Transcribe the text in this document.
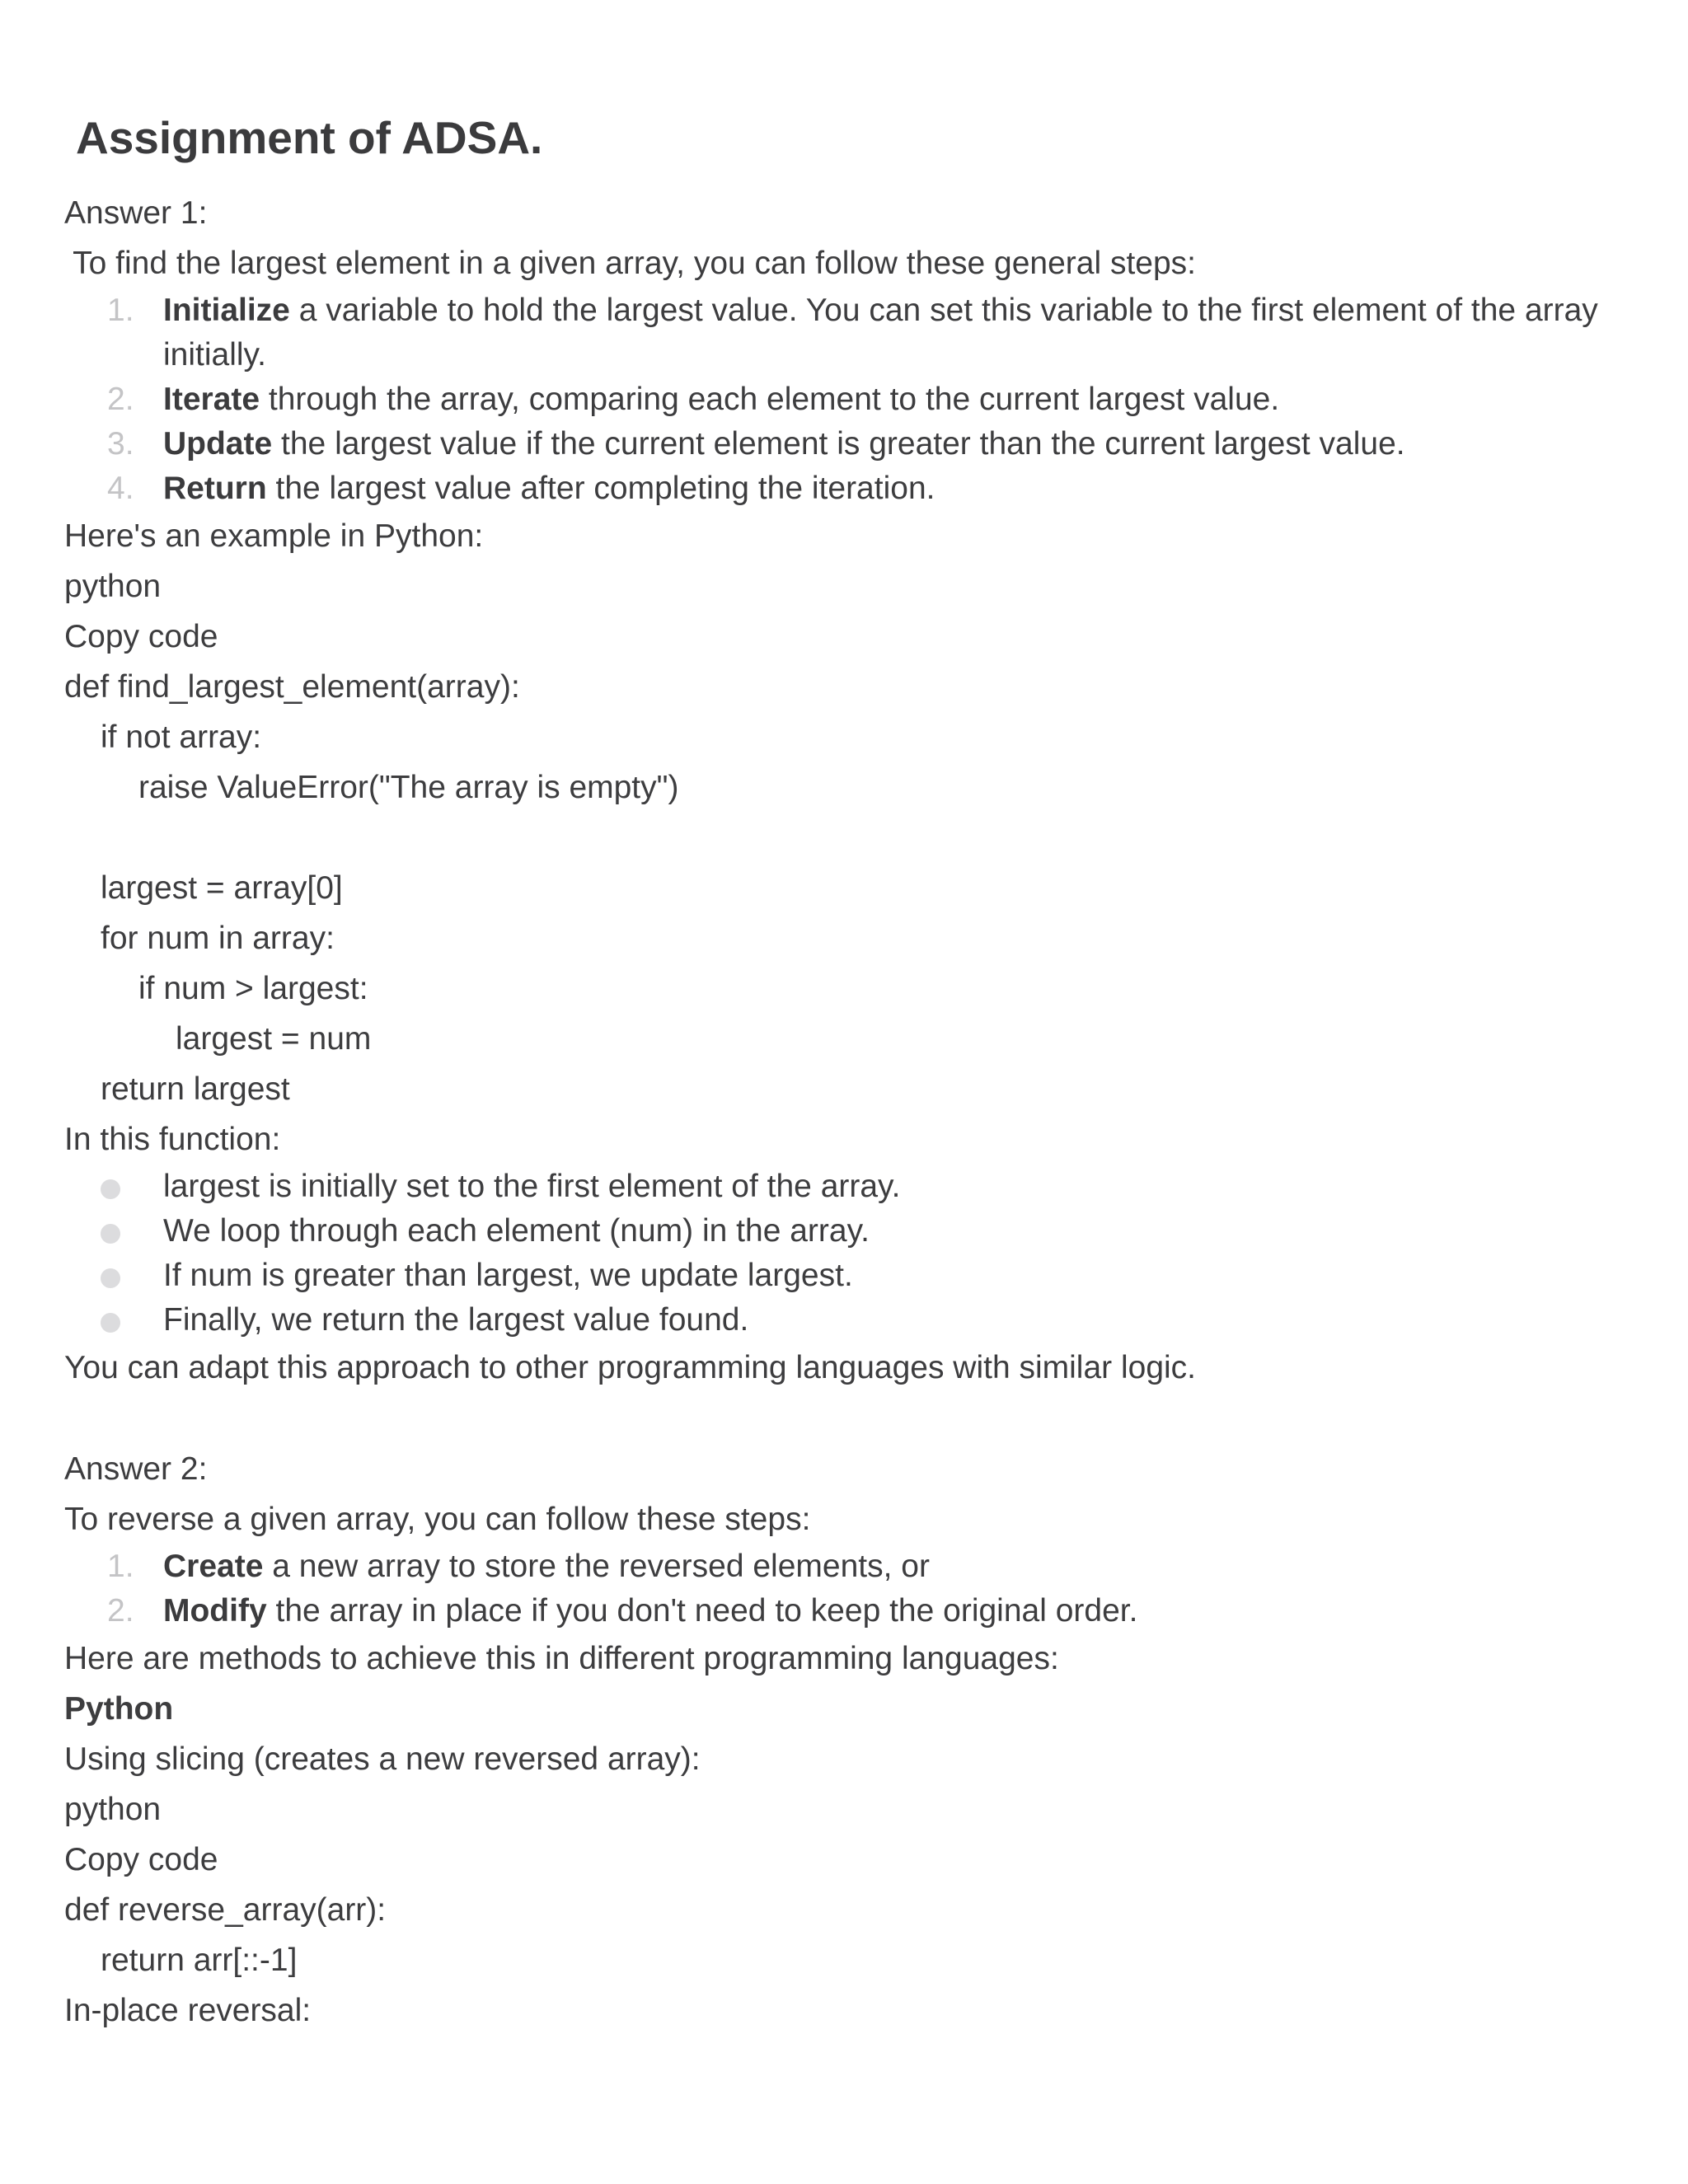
Assignment of ADSA.
Answer 1:
To find the largest element in a given array, you can follow these general steps:
1. Initialize a variable to hold the largest value. You can set this variable to the first element of the array initially.
2. Iterate through the array, comparing each element to the current largest value.
3. Update the largest value if the current element is greater than the current largest value.
4. Return the largest value after completing the iteration.
Here's an example in Python:
python
Copy code
def find_largest_element(array):
if not array:
raise ValueError("The array is empty")
largest = array[0]
for num in array:
if num > largest:
largest = num
return largest
In this function:
largest is initially set to the first element of the array.
We loop through each element (num) in the array.
If num is greater than largest, we update largest.
Finally, we return the largest value found.
You can adapt this approach to other programming languages with similar logic.
Answer 2:
To reverse a given array, you can follow these steps:
1. Create a new array to store the reversed elements, or
2. Modify the array in place if you don't need to keep the original order.
Here are methods to achieve this in different programming languages:
Python
Using slicing (creates a new reversed array):
python
Copy code
def reverse_array(arr):
return arr[::-1]
In-place reversal:
